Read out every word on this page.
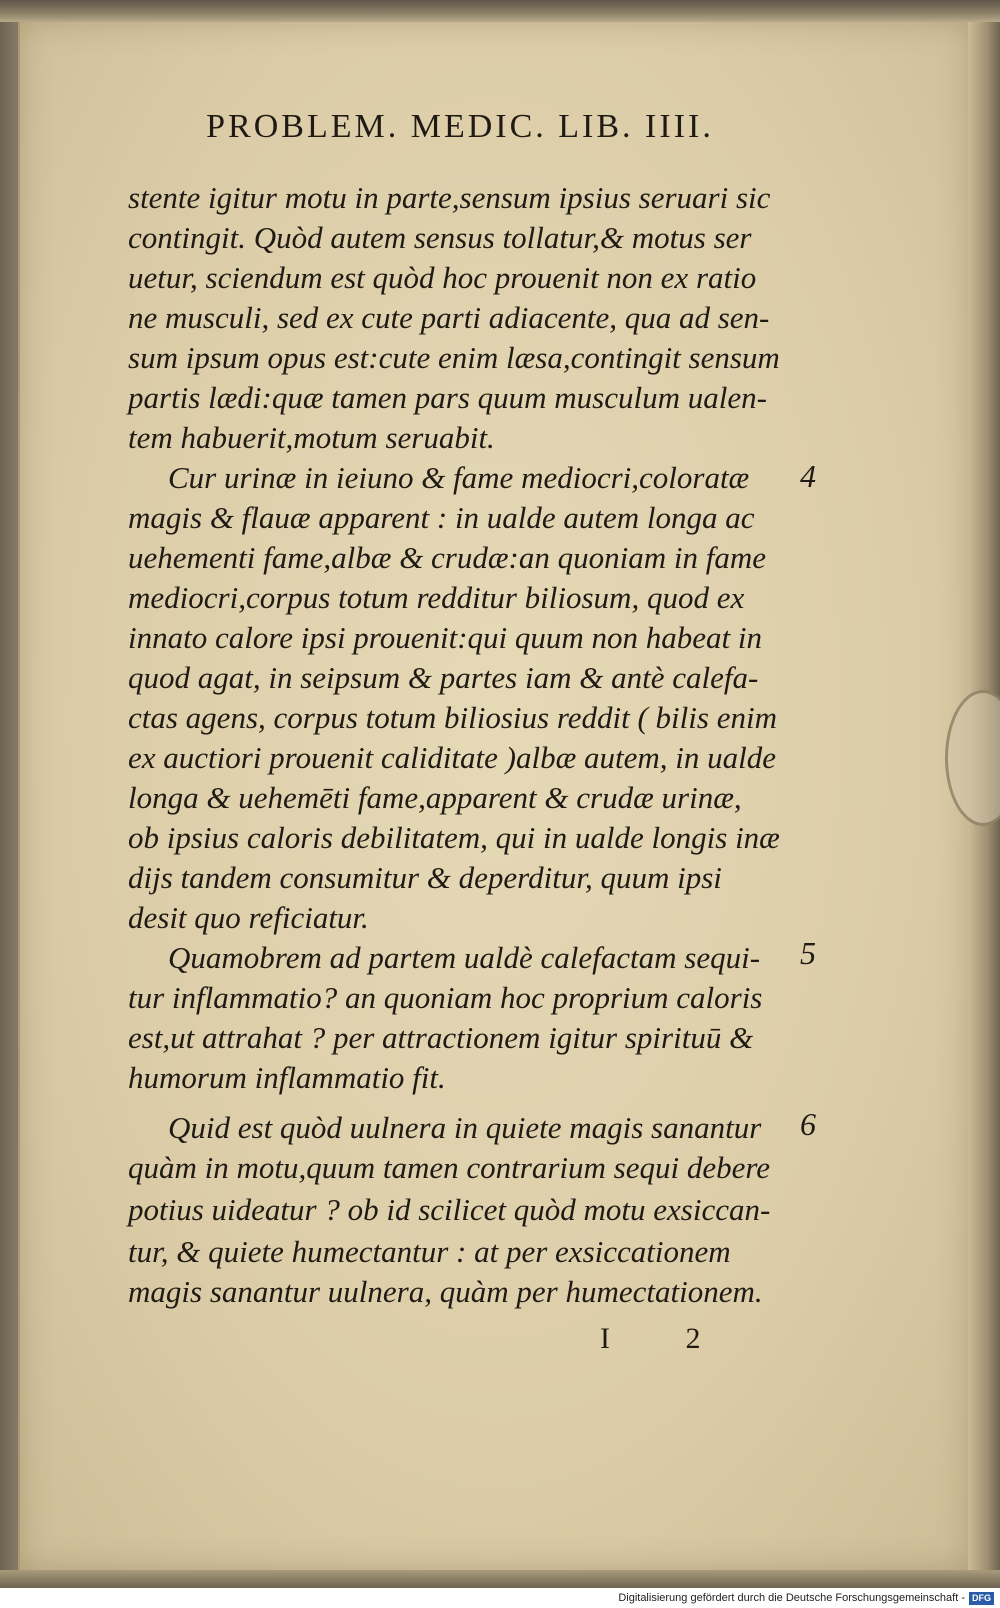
PROBLEM. MEDIC. LIB. IIII.
stente igitur motu in parte,sensum ipsius seruari sic
contingit. Quòd autem sensus tollatur,& motus ser
uetur, sciendum est quòd hoc prouenit non ex ratio
ne musculi, sed ex cute parti adiacente, qua ad sen-
sum ipsum opus est:cute enim læsa,contingit sensum
partis lædi:quæ tamen pars quum musculum ualen-
tem habuerit,motum seruabit.
Cur urinæ in ieiuno & fame mediocri,coloratæ
magis & flauæ apparent : in ualde autem longa ac
uehementi fame,albæ & crudæ:an quoniam in fame
mediocri,corpus totum redditur biliosum, quod ex
innato calore ipsi prouenit:qui quum non habeat in
quod agat, in seipsum & partes iam & antè calefa-
ctas agens, corpus totum biliosius reddit ( bilis enim
ex auctiori prouenit caliditate )albæ autem, in ualde
longa & uehemēti fame,apparent & crudæ urinæ,
ob ipsius caloris debilitatem, qui in ualde longis inæ
dijs tandem consumitur & deperditur, quum ipsi
desit quo reficiatur.
Quamobrem ad partem ualdè calefactam sequi-
tur inflammatio? an quoniam hoc proprium caloris
est,ut attrahat ? per attractionem igitur spirituū &
humorum inflammatio fit.
Quid est quòd uulnera in quiete magis sanantur
quàm in motu,quum tamen contrarium sequi debere
potius uideatur ? ob id scilicet quòd motu exsiccan-
tur, & quiete humectantur : at per exsiccationem
magis sanantur uulnera, quàm per humectationem.
4
5
6
I 2
Digitalisierung gefördert durch die Deutsche Forschungsgemeinschaft - DFG
